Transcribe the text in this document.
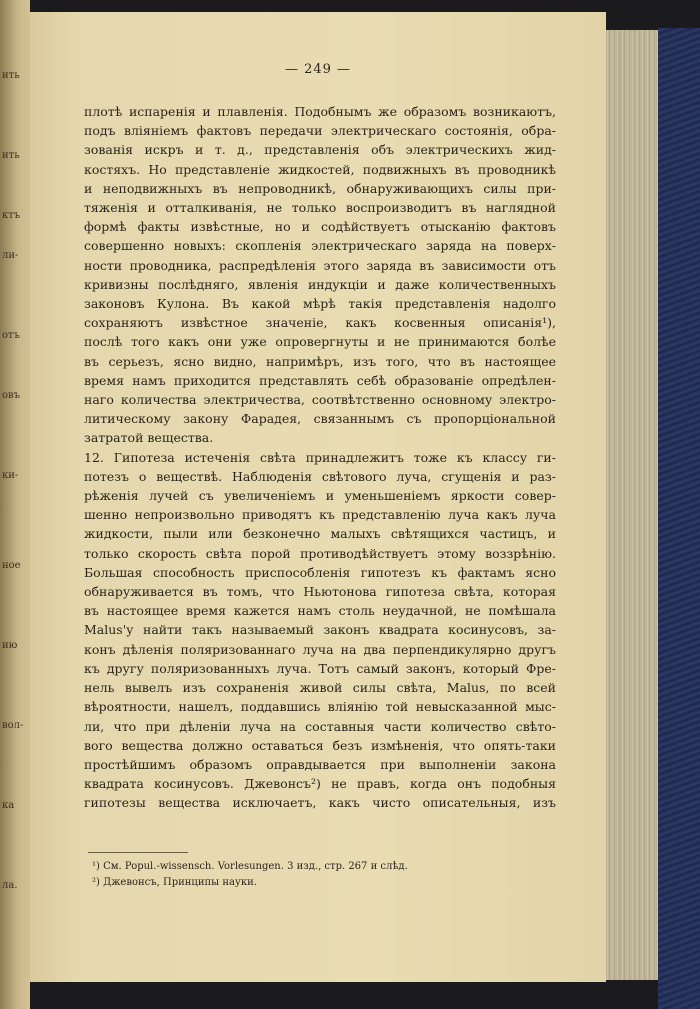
ить
ить
ктъ
ли-
отъ
овъ
ки-
ное
ию
вол-
ка
ла.
— 249 —
плотѣ испаренія и плавленія. Подобнымъ же образомъ возникаютъ,
подъ вліяніемъ фактовъ передачи электрическаго состоянія, обра-
зованія искръ и т. д., представленія объ электрическихъ жид-
костяхъ. Но представленіе жидкостей, подвижныхъ въ проводникѣ
и неподвижныхъ въ непроводникѣ, обнаруживающихъ силы при-
тяженія и отталкиванія, не только воспроизводитъ въ наглядной
формѣ факты извѣстные, но и содѣйствуетъ отысканію фактовъ
совершенно новыхъ: скопленія электрическаго заряда на поверх-
ности проводника, распредѣленія этого заряда въ зависимости отъ
кривизны послѣдняго, явленія индукціи и даже количественныхъ
законовъ Кулона. Въ какой мѣрѣ такія представленія надолго
сохраняютъ извѣстное значеніе, какъ косвенныя описанія¹),
послѣ того какъ они уже опровергнуты и не принимаются болѣе
въ серьезъ, ясно видно, напримѣръ, изъ того, что въ настоящее
время намъ приходится представлять себѣ образованіе опредѣлен-
наго количества электричества, соотвѣтственно основному электро-
литическому закону Фарадея, связаннымъ съ пропорціональной
затратой вещества.
12. Гипотеза истеченія свѣта принадлежитъ тоже къ классу ги-
потезъ о веществѣ. Наблюденія свѣтового луча, сгущенія и раз-
рѣженія лучей съ увеличеніемъ и уменьшеніемъ яркости совер-
шенно непроизвольно приводятъ къ представленію луча какъ луча
жидкости, пыли или безконечно малыхъ свѣтящихся частицъ, и
только скорость свѣта порой противодѣйствуетъ этому воззрѣнію.
Большая способность приспособленія гипотезъ къ фактамъ ясно
обнаруживается въ томъ, что Ньютонова гипотеза свѣта, которая
въ настоящее время кажется намъ столь неудачной, не помѣшала
Malus'у найти такъ называемый законъ квадрата косинусовъ, за-
конъ дѣленія поляризованнаго луча на два перпендикулярно другъ
къ другу поляризованныхъ луча. Тотъ самый законъ, который Фре-
нель вывелъ изъ сохраненія живой силы свѣта, Malus, по всей
вѣроятности, нашелъ, поддавшись вліянію той невысказанной мыс-
ли, что при дѣленіи луча на составныя части количество свѣто-
вого вещества должно оставаться безъ измѣненія, что опять-таки
простѣйшимъ образомъ оправдывается при выполненіи закона
квадрата косинусовъ. Джевонсъ²) не правъ, когда онъ подобныя
гипотезы вещества исключаетъ, какъ чисто описательныя, изъ
¹) См. Popul.-wissensch. Vorlesungen. 3 изд., стр. 267 и слѣд.
²) Джевонсъ, Принципы науки.
